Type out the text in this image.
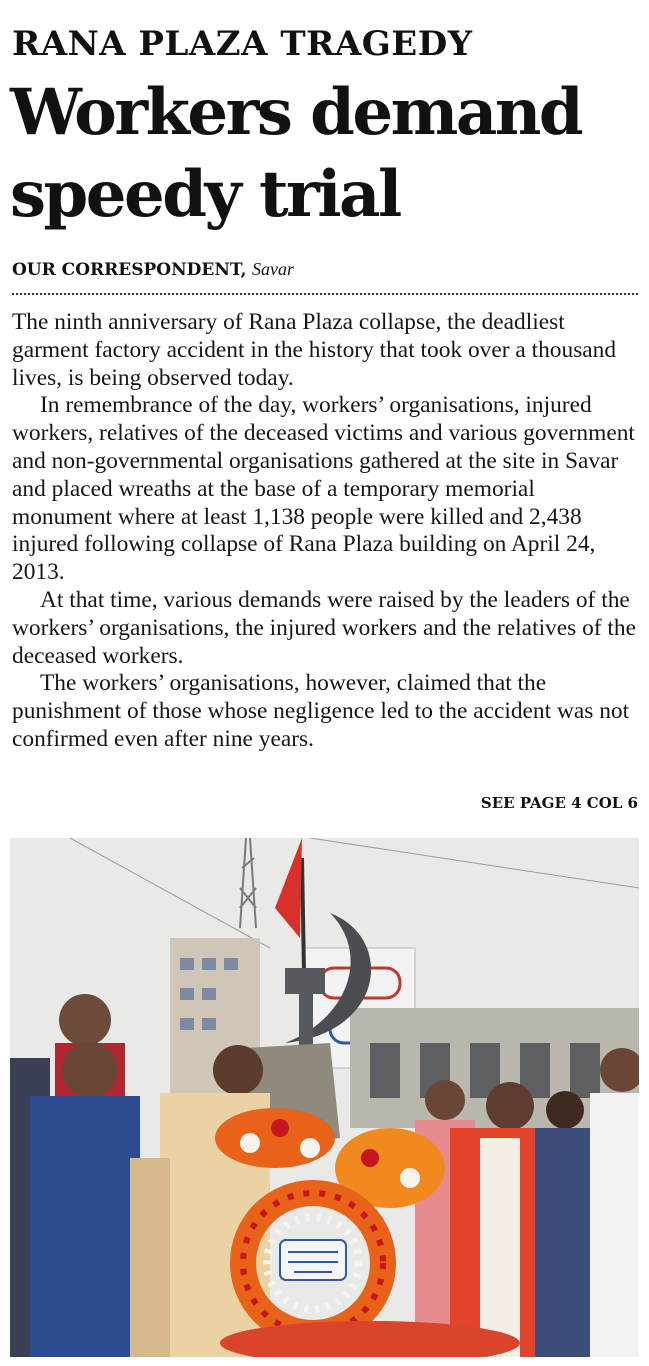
RANA PLAZA TRAGEDY
Workers demand
speedy trial
OUR CORRESPONDENT, Savar

The ninth anniversary of Rana Plaza collapse, the deadliest garment factory accident in the history that took over a thousand lives, is being observed today.

In remembrance of the day, workers’ organisations, injured workers, relatives of the deceased victims and various government and non-governmental organisations gathered at the site in Savar and placed wreaths at the base of a temporary memorial monument where at least 1,138 people were killed and 2,438 injured following collapse of Rana Plaza building on April 24, 2013.

At that time, various demands were raised by the leaders of the workers’ organisations, the injured workers and the relatives of the deceased workers.

The workers’ organisations, however, claimed that the punishment of those whose negligence led to the accident was not confirmed even after nine years.

SEE PAGE 4 COL 6
